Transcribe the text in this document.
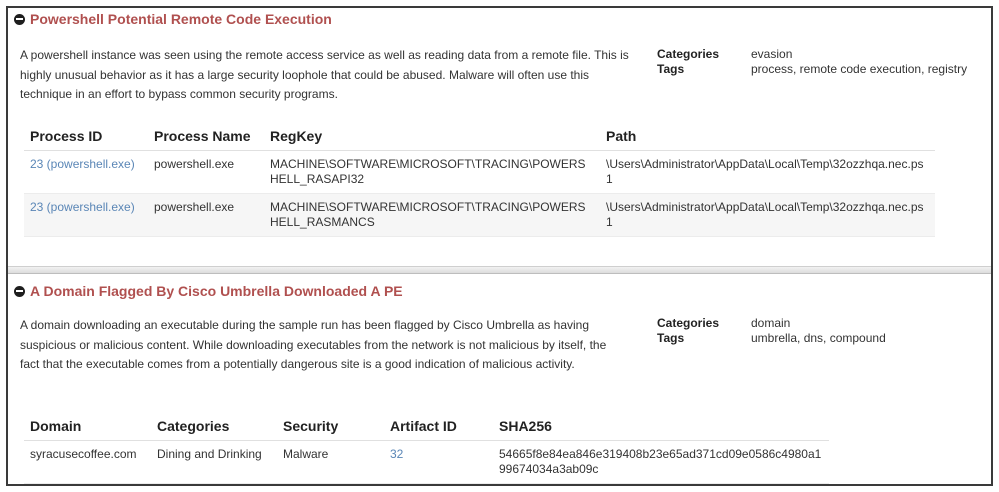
Powershell Potential Remote Code Execution
A powershell instance was seen using the remote access service as well as reading data from a remote file. This is highly unusual behavior as it has a large security loophole that could be abused. Malware will often use this technique in an effort to bypass common security programs.
Categories	evasion
Tags	process, remote code execution, registry
Process ID	Process Name	RegKey	Path
23 (powershell.exe)	powershell.exe	MACHINE\SOFTWARE\MICROSOFT\TRACING\POWERSHELL_RASAPI32	\Users\Administrator\AppData\Local\Temp\32ozzhqa.nec.ps1
23 (powershell.exe)	powershell.exe	MACHINE\SOFTWARE\MICROSOFT\TRACING\POWERSHELL_RASMANCS	\Users\Administrator\AppData\Local\Temp\32ozzhqa.nec.ps1
A Domain Flagged By Cisco Umbrella Downloaded A PE
A domain downloading an executable during the sample run has been flagged by Cisco Umbrella as having suspicious or malicious content. While downloading executables from the network is not malicious by itself, the fact that the executable comes from a potentially dangerous site is a good indication of malicious activity.
Categories	domain
Tags	umbrella, dns, compound
Domain	Categories	Security	Artifact ID	SHA256
syracusecoffee.com	Dining and Drinking	Malware	32	54665f8e84ea846e319408b23e65ad371cd09e0586c4980a199674034a3ab09c
